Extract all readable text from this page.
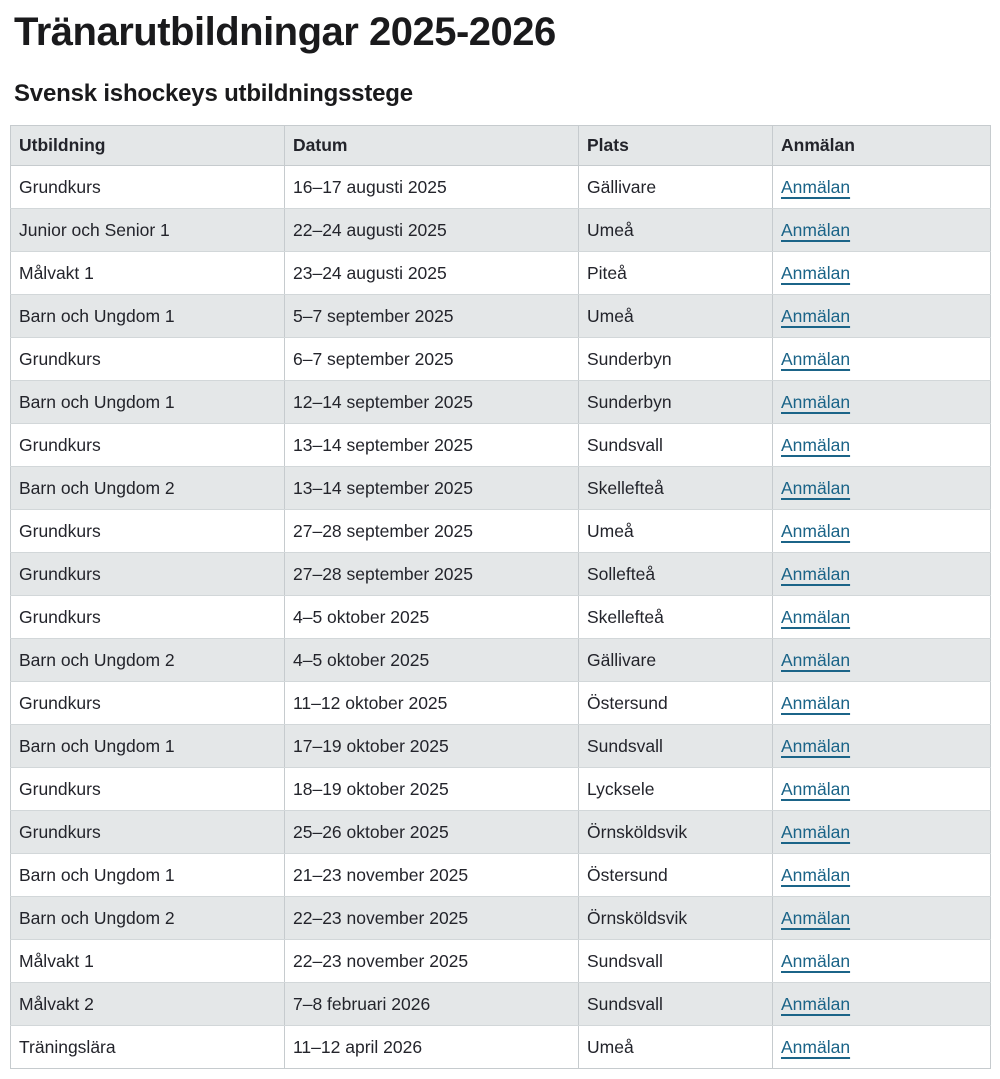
Tränarutbildningar 2025-2026
Svensk ishockeys utbildningsstege
Utbildning	Datum	Plats	Anmälan
Grundkurs	16–17 augusti 2025	Gällivare	Anmälan
Junior och Senior 1	22–24 augusti 2025	Umeå	Anmälan
Målvakt 1	23–24 augusti 2025	Piteå	Anmälan
Barn och Ungdom 1	5–7 september 2025	Umeå	Anmälan
Grundkurs	6–7 september 2025	Sunderbyn	Anmälan
Barn och Ungdom 1	12–14 september 2025	Sunderbyn	Anmälan
Grundkurs	13–14 september 2025	Sundsvall	Anmälan
Barn och Ungdom 2	13–14 september 2025	Skellefteå	Anmälan
Grundkurs	27–28 september 2025	Umeå	Anmälan
Grundkurs	27–28 september 2025	Sollefteå	Anmälan
Grundkurs	4–5 oktober 2025	Skellefteå	Anmälan
Barn och Ungdom 2	4–5 oktober 2025	Gällivare	Anmälan
Grundkurs	11–12 oktober 2025	Östersund	Anmälan
Barn och Ungdom 1	17–19 oktober 2025	Sundsvall	Anmälan
Grundkurs	18–19 oktober 2025	Lycksele	Anmälan
Grundkurs	25–26 oktober 2025	Örnsköldsvik	Anmälan
Barn och Ungdom 1	21–23 november 2025	Östersund	Anmälan
Barn och Ungdom 2	22–23 november 2025	Örnsköldsvik	Anmälan
Målvakt 1	22–23 november 2025	Sundsvall	Anmälan
Målvakt 2	7–8 februari 2026	Sundsvall	Anmälan
Träningslära	11–12 april 2026	Umeå	Anmälan
